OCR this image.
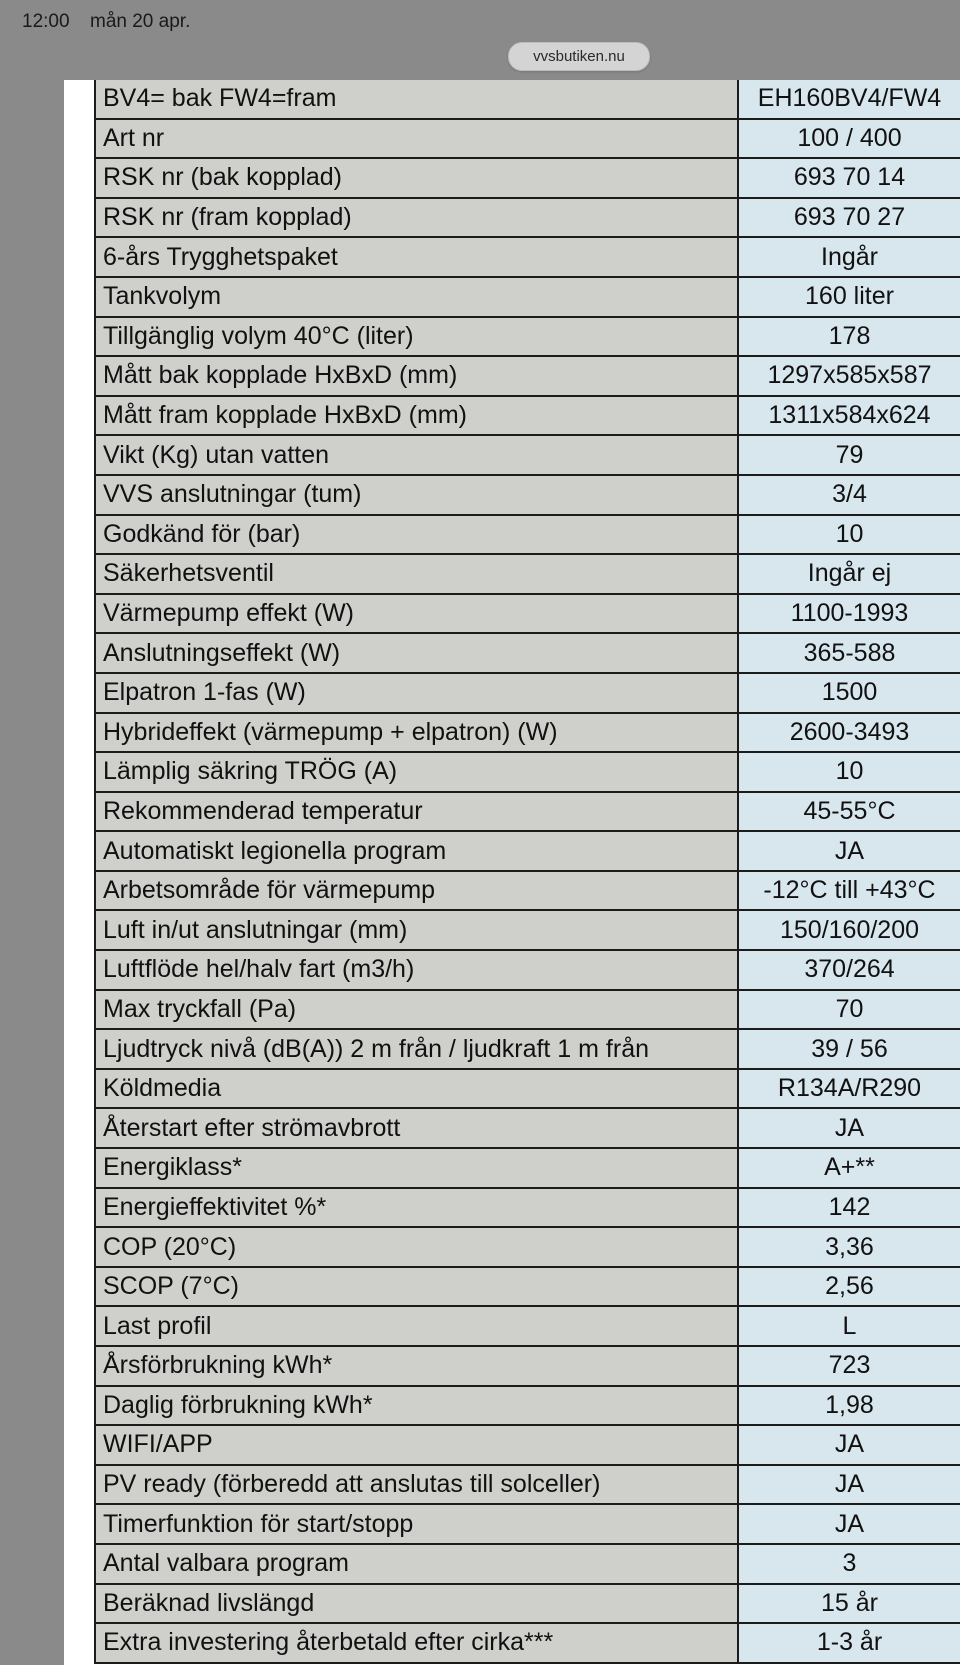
12:00 mån 20 apr.
vvsbutiken.nu
BV4= bak FW4=fram	EH160BV4/FW4
Art nr	100 / 400
RSK nr (bak kopplad)	693 70 14
RSK nr (fram kopplad)	693 70 27
6-års Trygghetspaket	Ingår
Tankvolym	160 liter
Tillgänglig volym 40°C (liter)	178
Mått bak kopplade HxBxD (mm)	1297x585x587
Mått fram kopplade HxBxD (mm)	1311x584x624
Vikt (Kg) utan vatten	79
VVS anslutningar (tum)	3/4
Godkänd för (bar)	10
Säkerhetsventil	Ingår ej
Värmepump effekt (W)	1100-1993
Anslutningseffekt (W)	365-588
Elpatron 1-fas (W)	1500
Hybrideffekt (värmepump + elpatron) (W)	2600-3493
Lämplig säkring TRÖG (A)	10
Rekommenderad temperatur	45-55°C
Automatiskt legionella program	JA
Arbetsområde för värmepump	-12°C till +43°C
Luft in/ut anslutningar (mm)	150/160/200
Luftflöde hel/halv fart (m3/h)	370/264
Max tryckfall (Pa)	70
Ljudtryck nivå (dB(A)) 2 m från / ljudkraft 1 m från	39 / 56
Köldmedia	R134A/R290
Återstart efter strömavbrott	JA
Energiklass*	A+**
Energieffektivitet %*	142
COP (20°C)	3,36
SCOP (7°C)	2,56
Last profil	L
Årsförbrukning kWh*	723
Daglig förbrukning kWh*	1,98
WIFI/APP	JA
PV ready (förberedd att anslutas till solceller)	JA
Timerfunktion för start/stopp	JA
Antal valbara program	3
Beräknad livslängd	15 år
Extra investering återbetald efter cirka***	1-3 år
